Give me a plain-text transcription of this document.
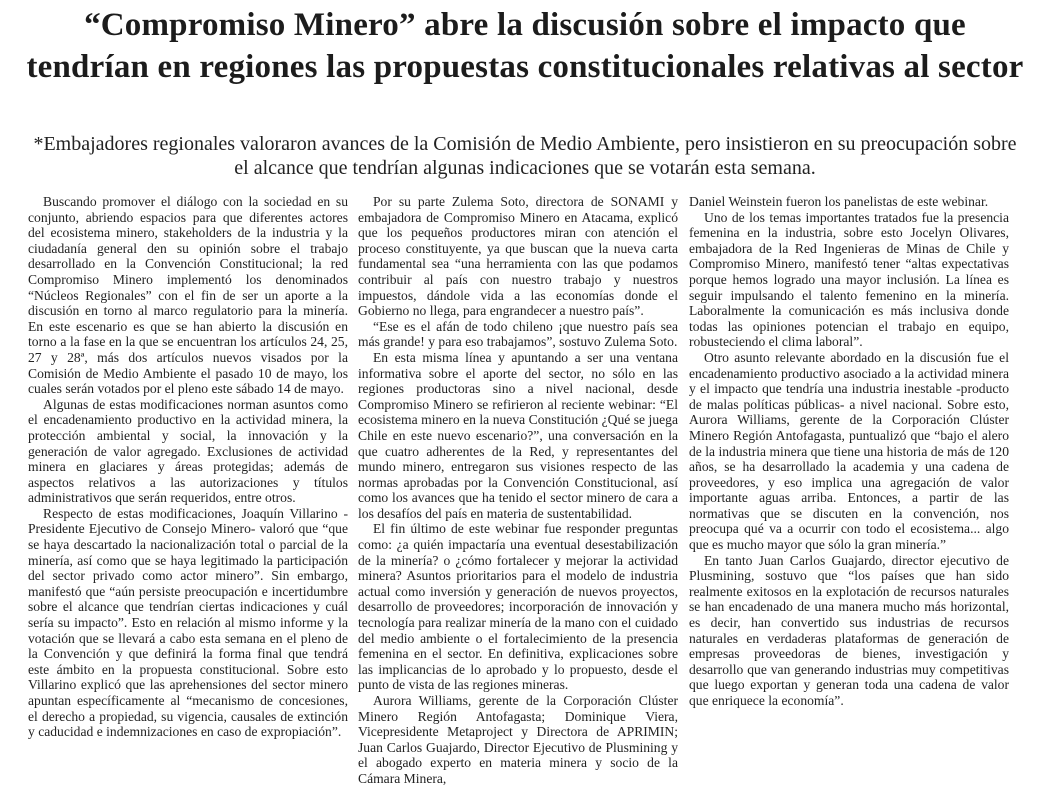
“Compromiso Minero” abre la discusión sobre el impacto que tendrían en regiones las propuestas constitucionales relativas al sector
*Embajadores regionales valoraron avances de la Comisión de Medio Ambiente, pero insistieron en su preocupación sobre el alcance que tendrían algunas indicaciones que se votarán esta semana.

Buscando promover el diálogo con la sociedad en su conjunto, abriendo espacios para que diferentes actores del ecosistema minero, stakeholders de la industria y la ciudadanía general den su opinión sobre el trabajo desarrollado en la Convención Constitucional; la red Compromiso Minero implementó los denominados “Núcleos Regionales” con el fin de ser un aporte a la discusión en torno al marco regulatorio para la minería. En este escenario es que se han abierto la discusión en torno a la fase en la que se encuentran los artículos 24, 25, 27 y 28ª, más dos artículos nuevos visados por la Comisión de Medio Ambiente el pasado 10 de mayo, los cuales serán votados por el pleno este sábado 14 de mayo.

Algunas de estas modificaciones norman asuntos como el encadenamiento productivo en la actividad minera, la protección ambiental y social, la innovación y la generación de valor agregado. Exclusiones de actividad minera en glaciares y áreas protegidas; además de aspectos relativos a las autorizaciones y títulos administrativos que serán requeridos, entre otros.

Respecto de estas modificaciones, Joaquín Villarino -Presidente Ejecutivo de Consejo Minero- valoró que “que se haya descartado la nacionalización total o parcial de la minería, así como que se haya legitimado la participación del sector privado como actor minero”. Sin embargo, manifestó que “aún persiste preocupación e incertidumbre sobre el alcance que tendrían ciertas indicaciones y cuál sería su impacto”. Esto en relación al mismo informe y la votación que se llevará a cabo esta semana en el pleno de la Convención y que definirá la forma final que tendrá este ámbito en la propuesta constitucional. Sobre esto Villarino explicó que las aprehensiones del sector minero apuntan específicamente al “mecanismo de concesiones, el derecho a propiedad, su vigencia, causales de extinción y caducidad e indemnizaciones en caso de expropiación”.

Por su parte Zulema Soto, directora de SONAMI y embajadora de Compromiso Minero en Atacama, explicó que los pequeños productores miran con atención el proceso constituyente, ya que buscan que la nueva carta fundamental sea “una herramienta con las que podamos contribuir al país con nuestro trabajo y nuestros impuestos, dándole vida a las economías donde el Gobierno no llega, para engrandecer a nuestro país”.

“Ese es el afán de todo chileno ¡que nuestro país sea más grande! y para eso trabajamos”, sostuvo Zulema Soto.

En esta misma línea y apuntando a ser una ventana informativa sobre el aporte del sector, no sólo en las regiones productoras sino a nivel nacional, desde Compromiso Minero se refirieron al reciente webinar: “El ecosistema minero en la nueva Constitución ¿Qué se juega Chile en este nuevo escenario?”, una conversación en la que cuatro adherentes de la Red, y representantes del mundo minero, entregaron sus visiones respecto de las normas aprobadas por la Convención Constitucional, así como los avances que ha tenido el sector minero de cara a los desafíos del país en materia de sustentabilidad.

El fin último de este webinar fue responder preguntas como: ¿a quién impactaría una eventual desestabilización de la minería? o ¿cómo fortalecer y mejorar la actividad minera? Asuntos prioritarios para el modelo de industria actual como inversión y generación de nuevos proyectos, desarrollo de proveedores; incorporación de innovación y tecnología para realizar minería de la mano con el cuidado del medio ambiente o el fortalecimiento de la presencia femenina en el sector. En definitiva, explicaciones sobre las implicancias de lo aprobado y lo propuesto, desde el punto de vista de las regiones mineras.

Aurora Williams, gerente de la Corporación Clúster Minero Región Antofagasta; Dominique Viera, Vicepresidente Metaproject y Directora de APRIMIN; Juan Carlos Guajardo, Director Ejecutivo de Plusmining y el abogado experto en materia minera y socio de la Cámara Minera,

Daniel Weinstein fueron los panelistas de este webinar.

Uno de los temas importantes tratados fue la presencia femenina en la industria, sobre esto Jocelyn Olivares, embajadora de la Red Ingenieras de Minas de Chile y Compromiso Minero, manifestó tener “altas expectativas porque hemos logrado una mayor inclusión. La línea es seguir impulsando el talento femenino en la minería. Laboralmente la comunicación es más inclusiva donde todas las opiniones potencian el trabajo en equipo, robusteciendo el clima laboral”.

Otro asunto relevante abordado en la discusión fue el encadenamiento productivo asociado a la actividad minera y el impacto que tendría una industria inestable -producto de malas políticas públicas- a nivel nacional. Sobre esto, Aurora Williams, gerente de la Corporación Clúster Minero Región Antofagasta, puntualizó que “bajo el alero de la industria minera que tiene una historia de más de 120 años, se ha desarrollado la academia y una cadena de proveedores, y eso implica una agregación de valor importante aguas arriba. Entonces, a partir de las normativas que se discuten en la convención, nos preocupa qué va a ocurrir con todo el ecosistema... algo que es mucho mayor que sólo la gran minería.”

En tanto Juan Carlos Guajardo, director ejecutivo de Plusmining, sostuvo que “los países que han sido realmente exitosos en la explotación de recursos naturales se han encadenado de una manera mucho más horizontal, es decir, han convertido sus industrias de recursos naturales en verdaderas plataformas de generación de empresas proveedoras de bienes, investigación y desarrollo que van generando industrias muy competitivas que luego exportan y generan toda una cadena de valor que enriquece la economía”.
